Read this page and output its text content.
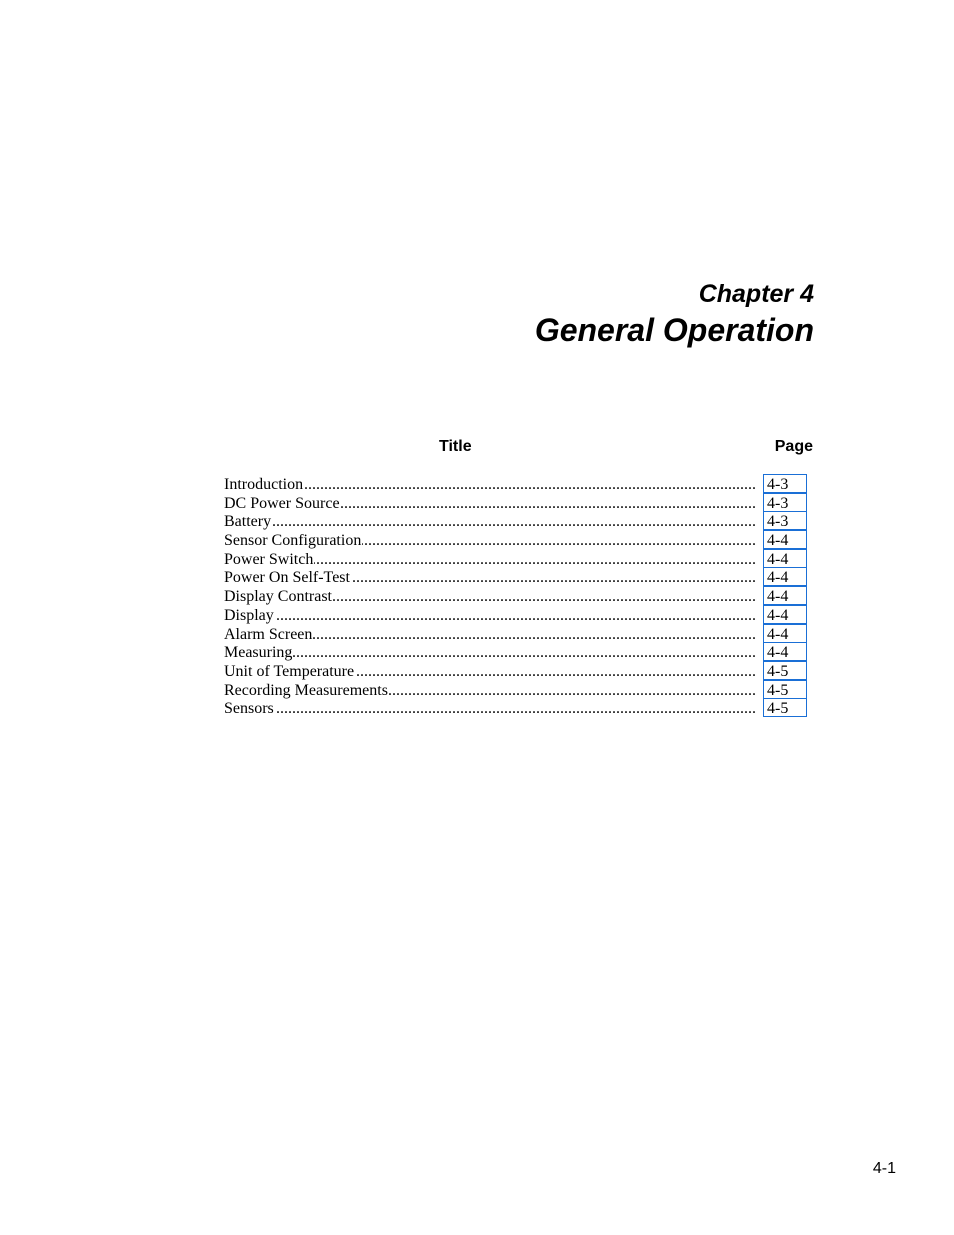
Chapter 4
General Operation
Title	Page
Introduction .....	4-3
DC Power Source .....	4-3
Battery .....	4-3
Sensor Configuration .....	4-4
Power Switch .....	4-4
Power On Self-Test .....	4-4
Display Contrast .....	4-4
Display .....	4-4
Alarm Screen .....	4-4
Measuring .....	4-4
Unit of Temperature .....	4-5
Recording Measurements .....	4-5
Sensors .....	4-5
4-1
